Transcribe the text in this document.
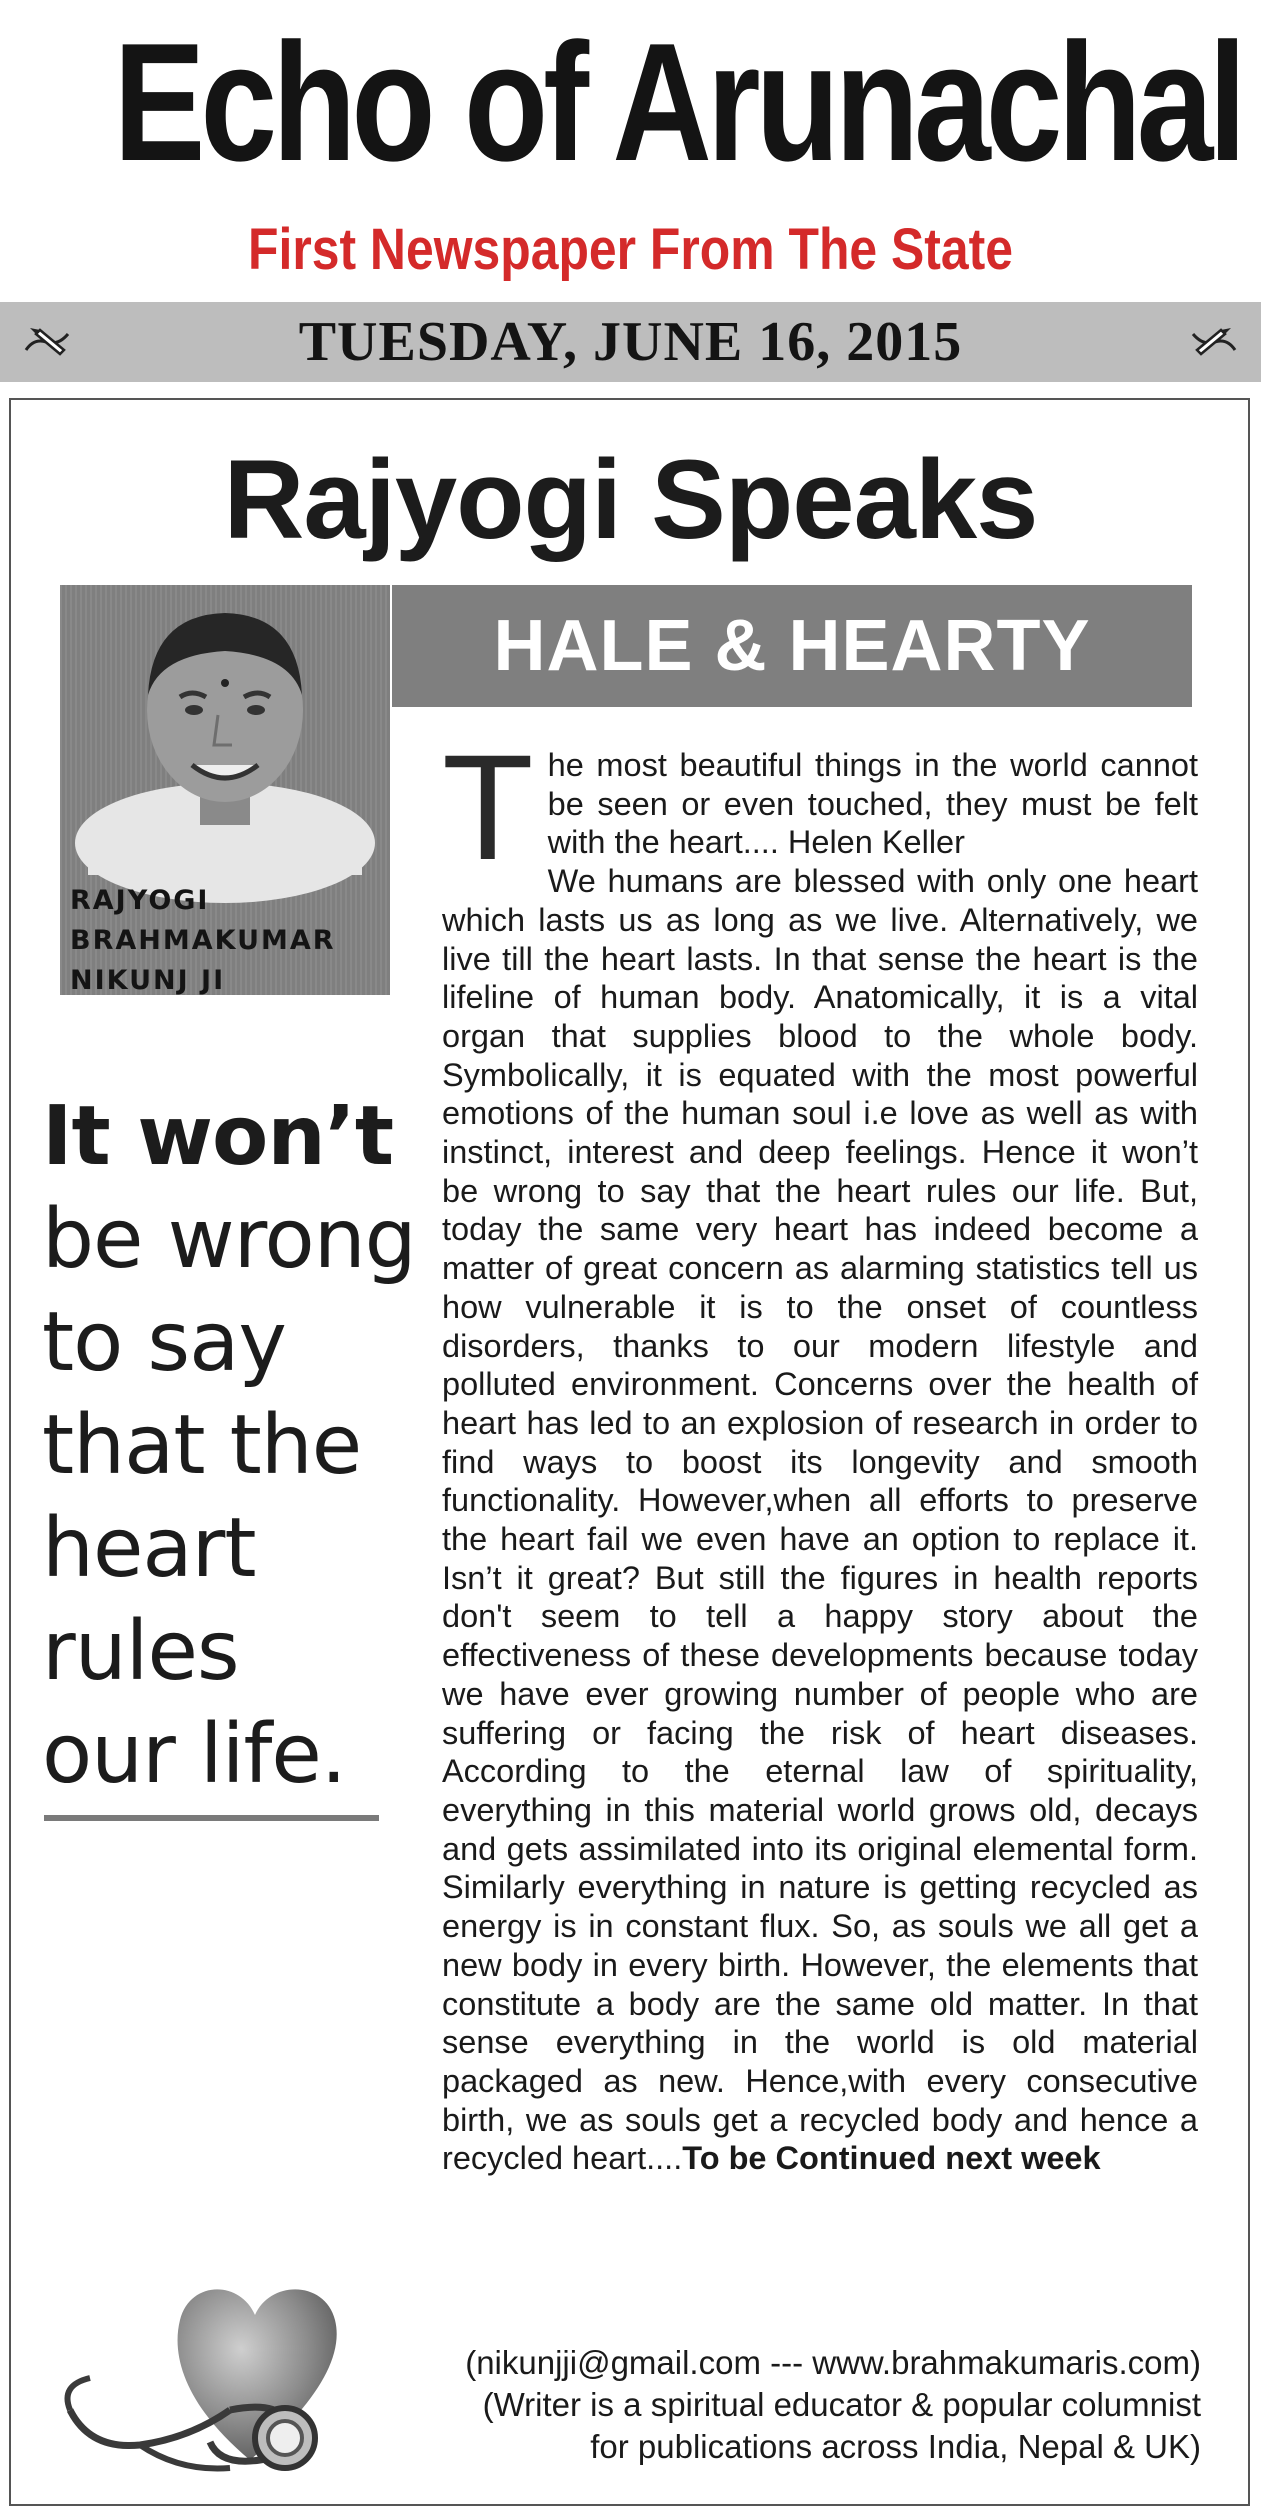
Echo of Arunachal
First Newspaper From The State
TUESDAY, JUNE 16, 2015
Rajyogi Speaks
HALE & HEARTY
RAJYOGI
BRAHMAKUMAR
NIKUNJ JI
It won’t
be wrong
to say
that the
heart
rules
our life.
T he most beautiful things in the world cannot be seen or even touched, they must be felt with the heart.... Helen Keller

We humans are blessed with only one heart which lasts us as long as we live. Alternatively, we live till the heart lasts. In that sense the heart is the lifeline of human body. Anatomically, it is a vital organ that supplies blood to the whole body. Symbolically, it is equated with the most powerful emotions of the human soul i.e love as well as with instinct, interest and deep feelings. Hence it won’t be wrong to say that the heart rules our life. But, today the same very heart has indeed become a matter of great concern as alarming statistics tell us how vulnerable it is to the onset of countless disorders, thanks to our modern lifestyle and polluted environment. Concerns over the health of heart has led to an explosion of research in order to find ways to boost its longevity and smooth functionality. However,when all efforts to preserve the heart fail we even have an option to replace it. Isn’t it great? But still the figures in health reports don't seem to tell a happy story about the effectiveness of these developments because today we have ever growing number of people who are suffering or facing the risk of heart diseases. According to the eternal law of spirituality, everything in this material world grows old, decays and gets assimilated into its original elemental form. Similarly everything in nature is getting recycled as energy is in constant flux. So, as souls we all get a new body in every birth. However, the elements that constitute a body are the same old matter. In that sense everything in the world is old material packaged as new. Hence,with every consecutive birth, we as souls get a recycled body and hence a recycled heart....To be Continued next week

(nikunjji@gmail.com --- www.brahmakumaris.com)
(Writer is a spiritual educator & popular columnist
for publications across India, Nepal & UK)
